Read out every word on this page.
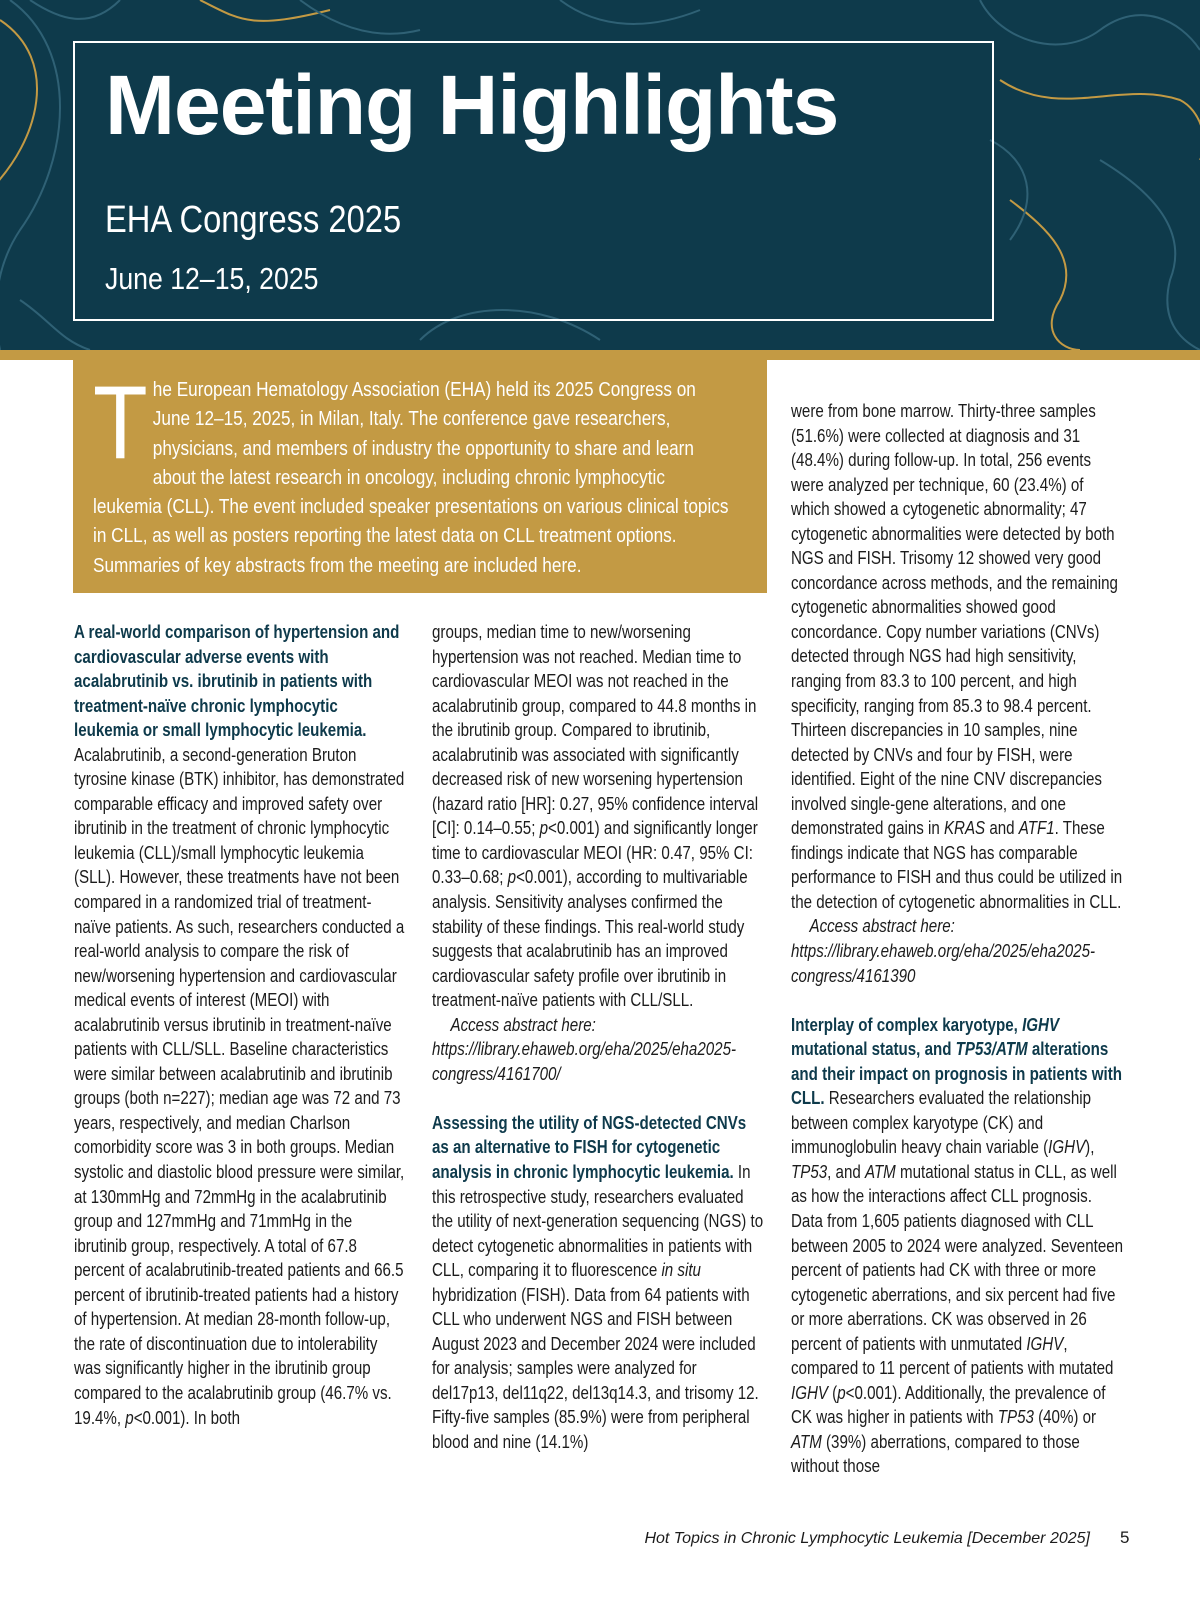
Meeting Highlights
EHA Congress 2025
June 12–15, 2025

The European Hematology Association (EHA) held its 2025 Congress on June 12–15, 2025, in Milan, Italy. The conference gave researchers, physicians, and members of industry the opportunity to share and learn about the latest research in oncology, including chronic lymphocytic leukemia (CLL). The event included speaker presentations on various clinical topics in CLL, as well as posters reporting the latest data on CLL treatment options. Summaries of key abstracts from the meeting are included here.

A real-world comparison of hypertension and cardiovascular adverse events with acalabrutinib vs. ibrutinib in patients with treatment-naïve chronic lymphocytic leukemia or small lymphocytic leukemia. Acalabrutinib, a second-generation Bruton tyrosine kinase (BTK) inhibitor, has demonstrated comparable efficacy and improved safety over ibrutinib in the treatment of chronic lymphocytic leukemia (CLL)/small lymphocytic leukemia (SLL). However, these treatments have not been compared in a randomized trial of treatment-naïve patients. As such, researchers conducted a real-world analysis to compare the risk of new/worsening hypertension and cardiovascular medical events of interest (MEOI) with acalabrutinib versus ibrutinib in treatment-naïve patients with CLL/SLL. Baseline characteristics were similar between acalabrutinib and ibrutinib groups (both n=227); median age was 72 and 73 years, respectively, and median Charlson comorbidity score was 3 in both groups. Median systolic and diastolic blood pressure were similar, at 130mmHg and 72mmHg in the acalabrutinib group and 127mmHg and 71mmHg in the ibrutinib group, respectively. A total of 67.8 percent of acalabrutinib-treated patients and 66.5 percent of ibrutinib-treated patients had a history of hypertension. At median 28-month follow-up, the rate of discontinuation due to intolerability was significantly higher in the ibrutinib group compared to the acalabrutinib group (46.7% vs. 19.4%, p<0.001). In both

groups, median time to new/worsening hypertension was not reached. Median time to cardiovascular MEOI was not reached in the acalabrutinib group, compared to 44.8 months in the ibrutinib group. Compared to ibrutinib, acalabrutinib was associated with significantly decreased risk of new worsening hypertension (hazard ratio [HR]: 0.27, 95% confidence interval [CI]: 0.14–0.55; p<0.001) and significantly longer time to cardiovascular MEOI (HR: 0.47, 95% CI: 0.33–0.68; p<0.001), according to multivariable analysis. Sensitivity analyses confirmed the stability of these findings. This real-world study suggests that acalabrutinib has an improved cardiovascular safety profile over ibrutinib in treatment-naïve patients with CLL/SLL.

Access abstract here: https://library.ehaweb.org/eha/2025/eha2025-congress/4161700/

Assessing the utility of NGS-detected CNVs as an alternative to FISH for cytogenetic analysis in chronic lymphocytic leukemia. In this retrospective study, researchers evaluated the utility of next-generation sequencing (NGS) to detect cytogenetic abnormalities in patients with CLL, comparing it to fluorescence in situ hybridization (FISH). Data from 64 patients with CLL who underwent NGS and FISH between August 2023 and December 2024 were included for analysis; samples were analyzed for del17p13, del11q22, del13q14.3, and trisomy 12. Fifty-five samples (85.9%) were from peripheral blood and nine (14.1%)

were from bone marrow. Thirty-three samples (51.6%) were collected at diagnosis and 31 (48.4%) during follow-up. In total, 256 events were analyzed per technique, 60 (23.4%) of which showed a cytogenetic abnormality; 47 cytogenetic abnormalities were detected by both NGS and FISH. Trisomy 12 showed very good concordance across methods, and the remaining cytogenetic abnormalities showed good concordance. Copy number variations (CNVs) detected through NGS had high sensitivity, ranging from 83.3 to 100 percent, and high specificity, ranging from 85.3 to 98.4 percent. Thirteen discrepancies in 10 samples, nine detected by CNVs and four by FISH, were identified. Eight of the nine CNV discrepancies involved single-gene alterations, and one demonstrated gains in KRAS and ATF1. These findings indicate that NGS has comparable performance to FISH and thus could be utilized in the detection of cytogenetic abnormalities in CLL.

Access abstract here: https://library.ehaweb.org/eha/2025/eha2025-congress/4161390

Interplay of complex karyotype, IGHV mutational status, and TP53/ATM alterations and their impact on prognosis in patients with CLL. Researchers evaluated the relationship between complex karyotype (CK) and immunoglobulin heavy chain variable (IGHV), TP53, and ATM mutational status in CLL, as well as how the interactions affect CLL prognosis. Data from 1,605 patients diagnosed with CLL between 2005 to 2024 were analyzed. Seventeen percent of patients had CK with three or more cytogenetic aberrations, and six percent had five or more aberrations. CK was observed in 26 percent of patients with unmutated IGHV, compared to 11 percent of patients with mutated IGHV (p<0.001). Additionally, the prevalence of CK was higher in patients with TP53 (40%) or ATM (39%) aberrations, compared to those without those

Hot Topics in Chronic Lymphocytic Leukemia [December 2025] 5
